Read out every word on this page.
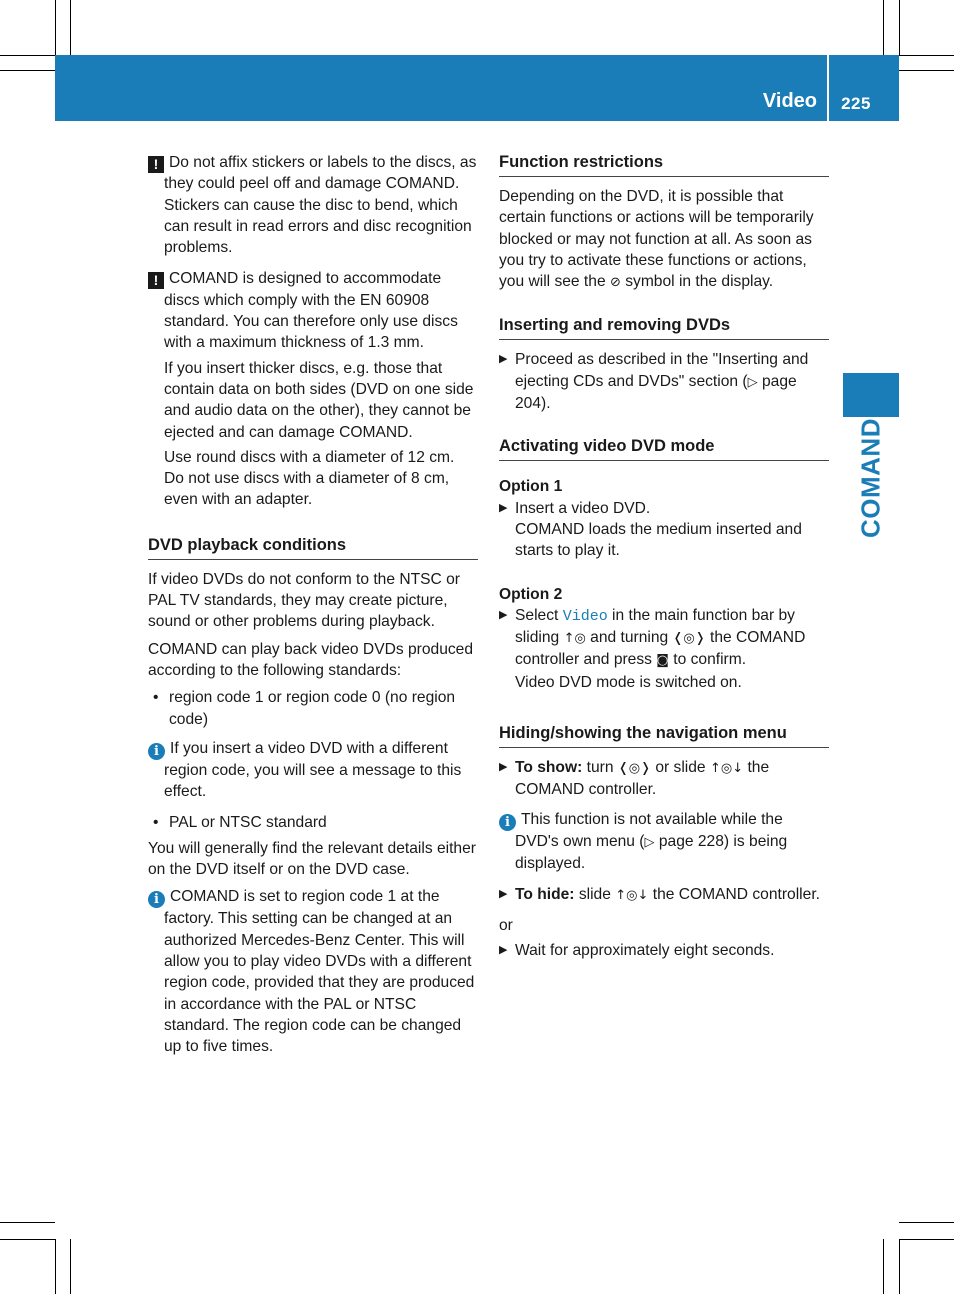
Video	225
COMAND

! Do not affix stickers or labels to the discs, as they could peel off and damage COMAND. Stickers can cause the disc to bend, which can result in read errors and disc recognition problems.

! COMAND is designed to accommodate discs which comply with the EN 60908 standard. You can therefore only use discs with a maximum thickness of 1.3 mm.

If you insert thicker discs, e.g. those that contain data on both sides (DVD on one side and audio data on the other), they cannot be ejected and can damage COMAND.

Use round discs with a diameter of 12 cm. Do not use discs with a diameter of 8 cm, even with an adapter.

DVD playback conditions

If video DVDs do not conform to the NTSC or PAL TV standards, they may create picture, sound or other problems during playback.

COMAND can play back video DVDs produced according to the following standards:

• region code 1 or region code 0 (no region code)

i If you insert a video DVD with a different region code, you will see a message to this effect.

• PAL or NTSC standard

You will generally find the relevant details either on the DVD itself or on the DVD case.

i COMAND is set to region code 1 at the factory. This setting can be changed at an authorized Mercedes-Benz Center. This will allow you to play video DVDs with a different region code, provided that they are produced in accordance with the PAL or NTSC standard. The region code can be changed up to five times.

Function restrictions

Depending on the DVD, it is possible that certain functions or actions will be temporarily blocked or may not function at all. As soon as you try to activate these functions or actions, you will see the ⊘ symbol in the display.

Inserting and removing DVDs
▶ Proceed as described in the "Inserting and ejecting CDs and DVDs" section (▷ page 204).
Activating video DVD mode

Option 1

▶ Insert a video DVD.
COMAND loads the medium inserted and starts to play it.

Option 2

▶ Select Video in the main function bar by sliding ↑◎ and turning ❬◎❭ the COMAND controller and press ◙ to confirm.
Video DVD mode is switched on.
Hiding/showing the navigation menu
▶ To show: turn ❬◎❭ or slide ↑◎↓ the COMAND controller.

i This function is not available while the DVD's own menu (▷ page 228) is being displayed.

▶ To hide: slide ↑◎↓ the COMAND controller.

or

▶ Wait for approximately eight seconds.
